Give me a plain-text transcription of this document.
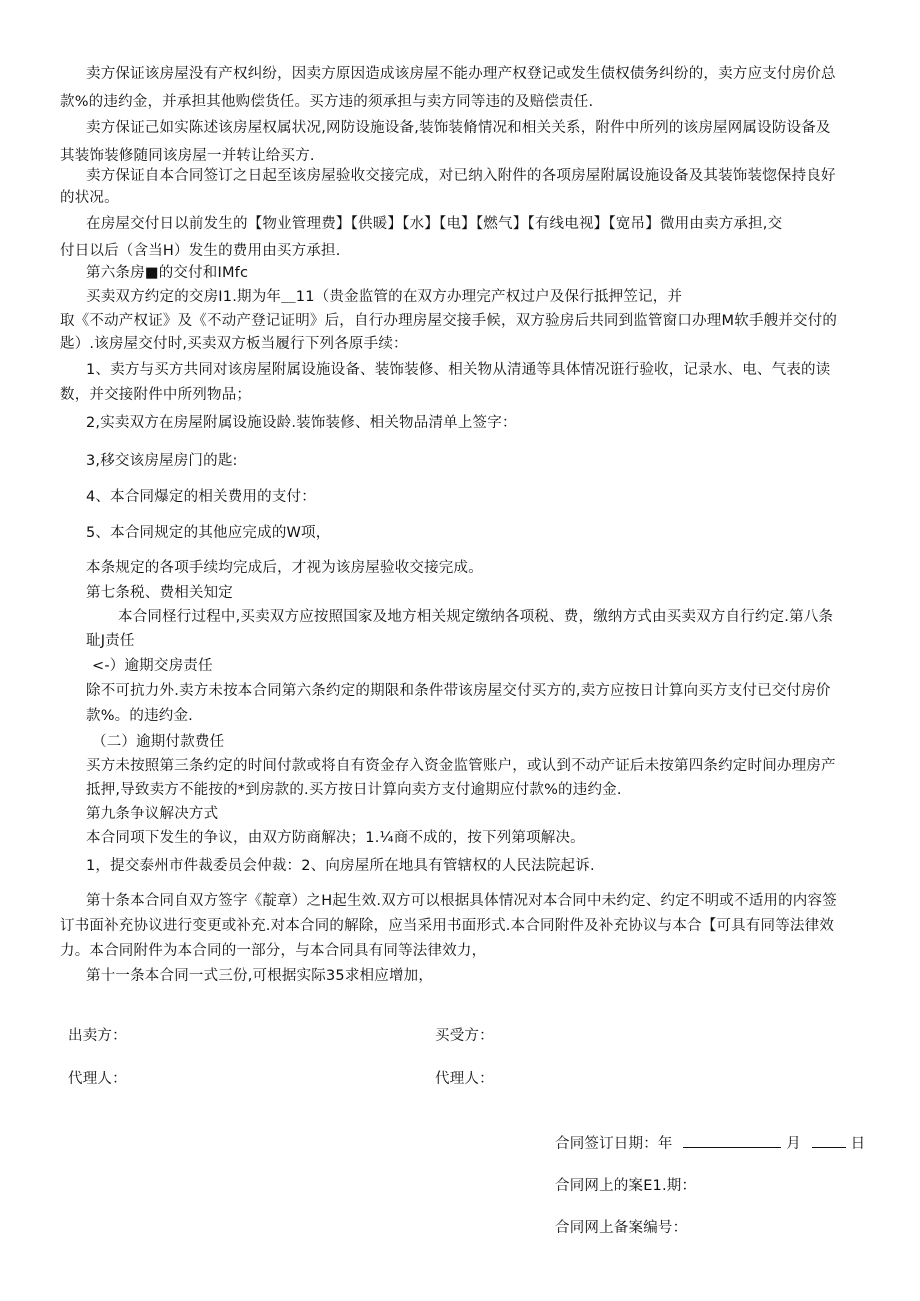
卖方保证该房屋没有产权纠纷，因卖方原因造成该房屋不能办理产权登记或发生债权债务纠纷的，卖方应支付房价总
款%的违约金，并承担其他购偿货任。买方违的须承担与卖方同等违的及赔偿责任.
卖方保证己如实陈述该房屋权属状况,网防设施设备,装饰装脩情况和相关关系，附件中所列的该房屋网属设防设备及
其装饰装修随同该房屋一并转让给买方.
卖方保证自本合同签订之日起至该房屋验收交接完成，对已纳入附件的各项房屋附属设施设备及其装饰装惚保持良好
的状况。
在房屋交付日以前发生的【物业管理费】【供暖】【水】【电】【燃气】【有线电视】【宽吊】微用由卖方承担,交
付日以后（含当H）发生的费用由买方承担.
第六条房■的交付和IMfc
买卖双方约定的交房I1.期为年＿11（贵金监管的在双方办理完产权过户及保行抵押笠记，并
取《不动产权证》及《不动产登记证明》后，自行办理房屋交接手候，双方验房后共同到监管窗口办理M软手艘并交付的
匙）.该房屋交付时,买卖双方板当履行下列各原手续：
1、卖方与买方共同对该房屋附属设施设备、装饰装修、相关物从清通等具体情况诳行验收，记录水、电、气表的读
数，并交接附件中所列物品；
2,实卖双方在房屋附属设施设龄.装饰装修、相关物品清单上签字：
3,移交该房屋房门的匙:
4、本合同爆定的相关费用的支付：
5、本合同规定的其他应完成的W项，
本条规定的各项手续均完成后，才视为该房屋验收交接完成。
第七条税、费相关知定
本合同柽行过程中,买卖双方应按照国家及地方相关规定缴纳各项税、费，缴纳方式由买卖双方自行约定.第八条
耻J责任
<-）逾期交房责任
除不可抗力外.卖方未按本合同第六条约定的期限和条件带该房屋交付买方的,卖方应按日计算向买方支付已交付房价
款%。的违约金.
（二）逾期付款费任
买方未按照第三条约定的时间付款或将自有资金存入资金监管账户，或认到不动产证后未按第四条约定时间办理房产
抵押,导致卖方不能按的*到房款的.买方按日计算向卖方支付逾期应付款%的违约金.
第九条争议解决方式
本合同项下发生的争议，由双方防商解决；1.¼商不成的，按下列第项解决。
1，提交泰州市件裁委员会仲裁：2、向房屋所在地具有管辖权的人民法院起诉.
第十条本合同自双方签字《靛章）之H起生效.双方可以根据具体情况对本合同中未约定、约定不明或不适用的内容签
订书面补充协议进行变更或补充.对本合同的解除，应当采用书面形式.本合同附件及补充协议与本合【可具有同等法律效
力。本合同附件为本合同的一部分，与本合同具有同等法律效力，
第十一条本合同一式三份,可根据实际35求相应增加，
出卖方：	买受方：
代理人：	代理人：
合同签订日期：年	月	日
合同网上的案E1.期：
合同网上备案编号：
